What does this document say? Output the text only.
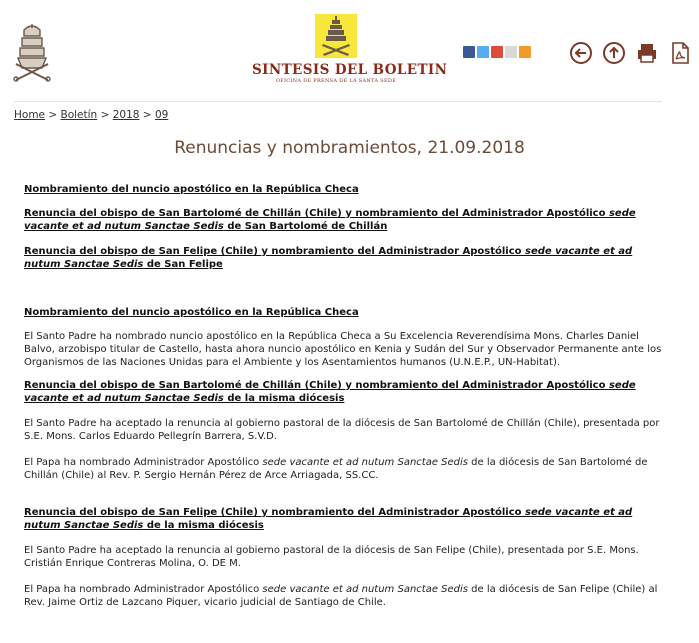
SINTESIS DEL BOLETIN
OFICINA DE PRENSA DE LA SANTA SEDE
Home > Boletín > 2018 > 09
Renuncias y nombramientos, 21.09.2018

Nombramiento del nuncio apostólico en la República Checa

Renuncia del obispo de San Bartolomé de Chillán (Chile) y nombramiento del Administrador Apostólico sede vacante et ad nutum Sanctae Sedis de San Bartolomé de Chillán

Renuncia del obispo de San Felipe (Chile) y nombramiento del Administrador Apostólico sede vacante et ad nutum Sanctae Sedis de San Felipe

Nombramiento del nuncio apostólico en la República Checa

El Santo Padre ha nombrado nuncio apostólico en la República Checa a Su Excelencia Reverendísima Mons. Charles Daniel Balvo, arzobispo titular de Castello, hasta ahora nuncio apostólico en Kenia y Sudán del Sur y Observador Permanente ante los Organismos de las Naciones Unidas para el Ambiente y los Asentamientos humanos (U.N.E.P., UN-Habitat).

Renuncia del obispo de San Bartolomé de Chillán (Chile) y nombramiento del Administrador Apostólico sede vacante et ad nutum Sanctae Sedis de la misma diócesis

El Santo Padre ha aceptado la renuncia al gobierno pastoral de la diócesis de San Bartolomé de Chillán (Chile), presentada por S.E. Mons. Carlos Eduardo Pellegrín Barrera, S.V.D.

El Papa ha nombrado Administrador Apostólico sede vacante et ad nutum Sanctae Sedis de la diócesis de San Bartolomé de Chillán (Chile) al Rev. P. Sergio Hernán Pérez de Arce Arriagada, SS.CC.

Renuncia del obispo de San Felipe (Chile) y nombramiento del Administrador Apostólico sede vacante et ad nutum Sanctae Sedis de la misma diócesis

El Santo Padre ha aceptado la renuncia al gobierno pastoral de la diócesis de San Felipe (Chile), presentada por S.E. Mons. Cristián Enrique Contreras Molina, O. DE M.

El Papa ha nombrado Administrador Apostólico sede vacante et ad nutum Sanctae Sedis de la diócesis de San Felipe (Chile) al Rev. Jaime Ortiz de Lazcano Piquer, vicario judicial de Santiago de Chile.
